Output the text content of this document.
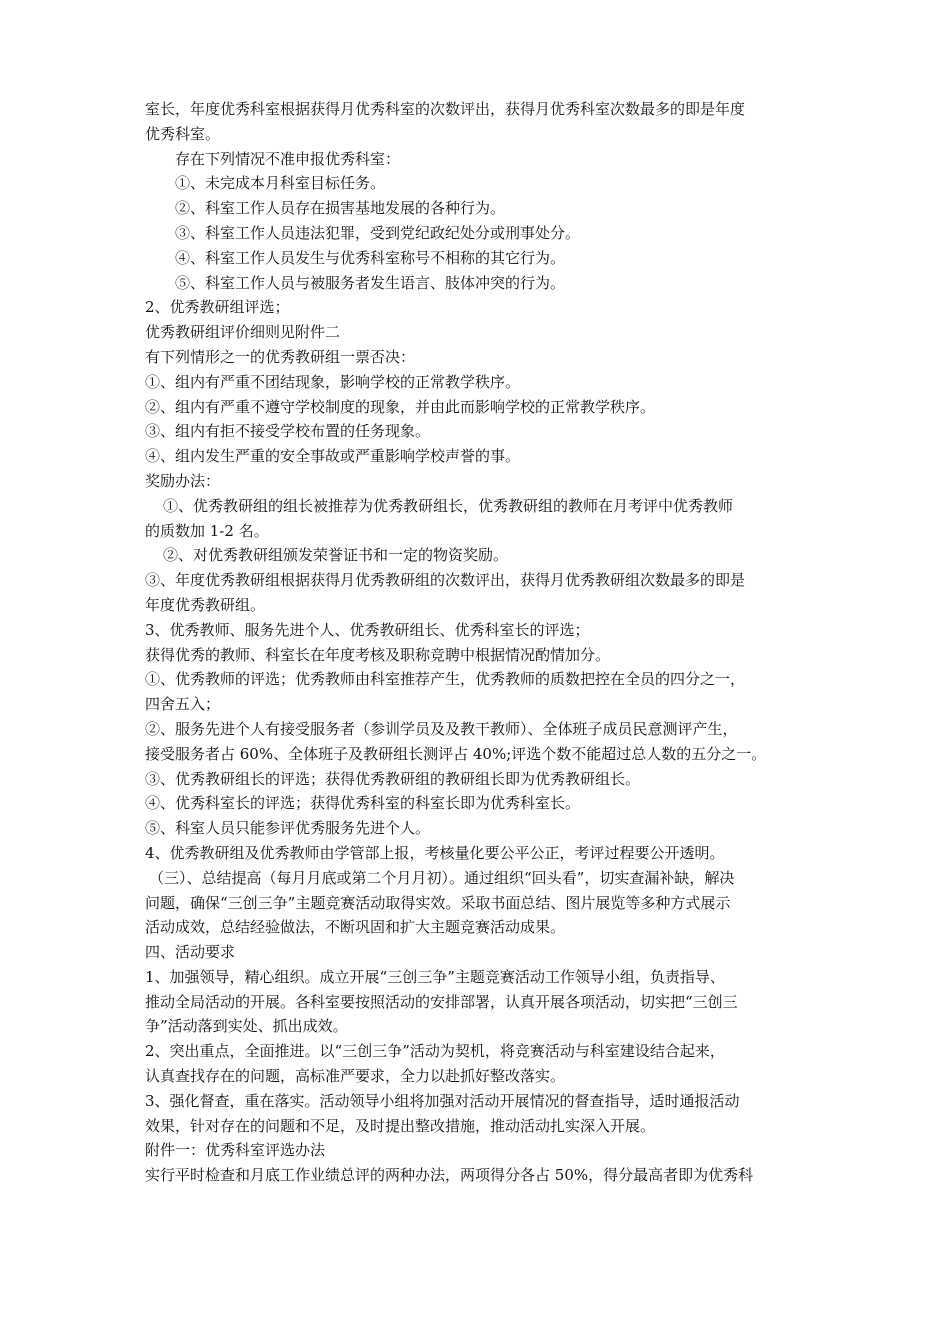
室长，年度优秀科室根据获得月优秀科室的次数评出，获得月优秀科室次数最多的即是年度
优秀科室。
存在下列情况不准申报优秀科室：
①、未完成本月科室目标任务。
②、科室工作人员存在损害基地发展的各种行为。
③、科室工作人员违法犯罪，受到党纪政纪处分或刑事处分。
④、科室工作人员发生与优秀科室称号不相称的其它行为。
⑤、科室工作人员与被服务者发生语言、肢体冲突的行为。
2、优秀教研组评选；
优秀教研组评价细则见附件二
有下列情形之一的优秀教研组一票否决：
①、组内有严重不团结现象，影响学校的正常教学秩序。
②、组内有严重不遵守学校制度的现象，并由此而影响学校的正常教学秩序。
③、组内有拒不接受学校布置的任务现象。
④、组内发生严重的安全事故或严重影响学校声誉的事。
奖励办法：
①、优秀教研组的组长被推荐为优秀教研组长，优秀教研组的教师在月考评中优秀教师
的质数加 1-2 名。
②、对优秀教研组颁发荣誉证书和一定的物资奖励。
③、年度优秀教研组根据获得月优秀教研组的次数评出，获得月优秀教研组次数最多的即是
年度优秀教研组。
3、优秀教师、服务先进个人、优秀教研组长、优秀科室长的评选；
获得优秀的教师、科室长在年度考核及职称竞聘中根据情况酌情加分。
①、优秀教师的评选；优秀教师由科室推荐产生，优秀教师的质数把控在全员的四分之一，
四舍五入；
②、服务先进个人有接受服务者（参训学员及及教干教师）、全体班子成员民意测评产生，
接受服务者占 60%、全体班子及教研组长测评占 40%;评选个数不能超过总人数的五分之一。
③、优秀教研组长的评选；获得优秀教研组的教研组长即为优秀教研组长。
④、优秀科室长的评选；获得优秀科室的科室长即为优秀科室长。
⑤、科室人员只能参评优秀服务先进个人。
4、优秀教研组及优秀教师由学管部上报，考核量化要公平公正，考评过程要公开透明。
（三）、总结提高（每月月底或第二个月月初）。通过组织“回头看”，切实查漏补缺，解决
问题，确保“三创三争”主题竞赛活动取得实效。采取书面总结、图片展览等多种方式展示
活动成效，总结经验做法，不断巩固和扩大主题竞赛活动成果。
四、活动要求
1、加强领导，精心组织。成立开展“三创三争”主题竞赛活动工作领导小组，负责指导、
推动全局活动的开展。各科室要按照活动的安排部署，认真开展各项活动，切实把“三创三
争”活动落到实处、抓出成效。
2、突出重点，全面推进。以“三创三争”活动为契机，将竞赛活动与科室建设结合起来，
认真查找存在的问题，高标准严要求，全力以赴抓好整改落实。
3、强化督查，重在落实。活动领导小组将加强对活动开展情况的督查指导，适时通报活动
效果，针对存在的问题和不足，及时提出整改措施，推动活动扎实深入开展。
附件一：优秀科室评选办法
实行平时检查和月底工作业绩总评的两种办法，两项得分各占 50%，得分最高者即为优秀科
